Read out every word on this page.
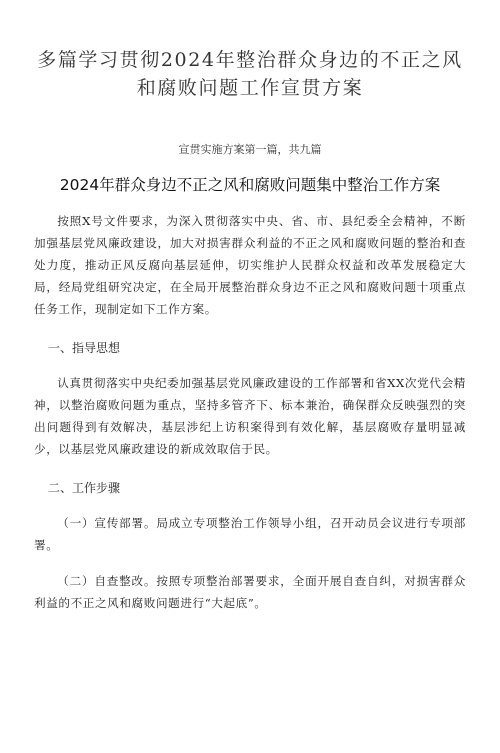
多篇学习贯彻2024年整治群众身边的不正之风和腐败问题工作宣贯方案
宣贯实施方案第一篇，共九篇
2024年群众身边不正之风和腐败问题集中整治工作方案

按照X号文件要求，为深入贯彻落实中央、省、市、县纪委全会精神，不断加强基层党风廉政建设，加大对损害群众利益的不正之风和腐败问题的整治和查处力度，推动正风反腐向基层延伸，切实维护人民群众权益和改革发展稳定大局，经局党组研究决定，在全局开展整治群众身边不正之风和腐败问题十项重点任务工作，现制定如下工作方案。

一、指导思想

认真贯彻落实中央纪委加强基层党风廉政建设的工作部署和省XX次党代会精神，以整治腐败问题为重点，坚持多管齐下、标本兼治，确保群众反映强烈的突出问题得到有效解决，基层涉纪上访积案得到有效化解，基层腐败存量明显减少，以基层党风廉政建设的新成效取信于民。

二、工作步骤

（一）宣传部署。局成立专项整治工作领导小组，召开动员会议进行专项部署。

（二）自查整改。按照专项整治部署要求，全面开展自查自纠，对损害群众利益的不正之风和腐败问题进行“大起底”。
